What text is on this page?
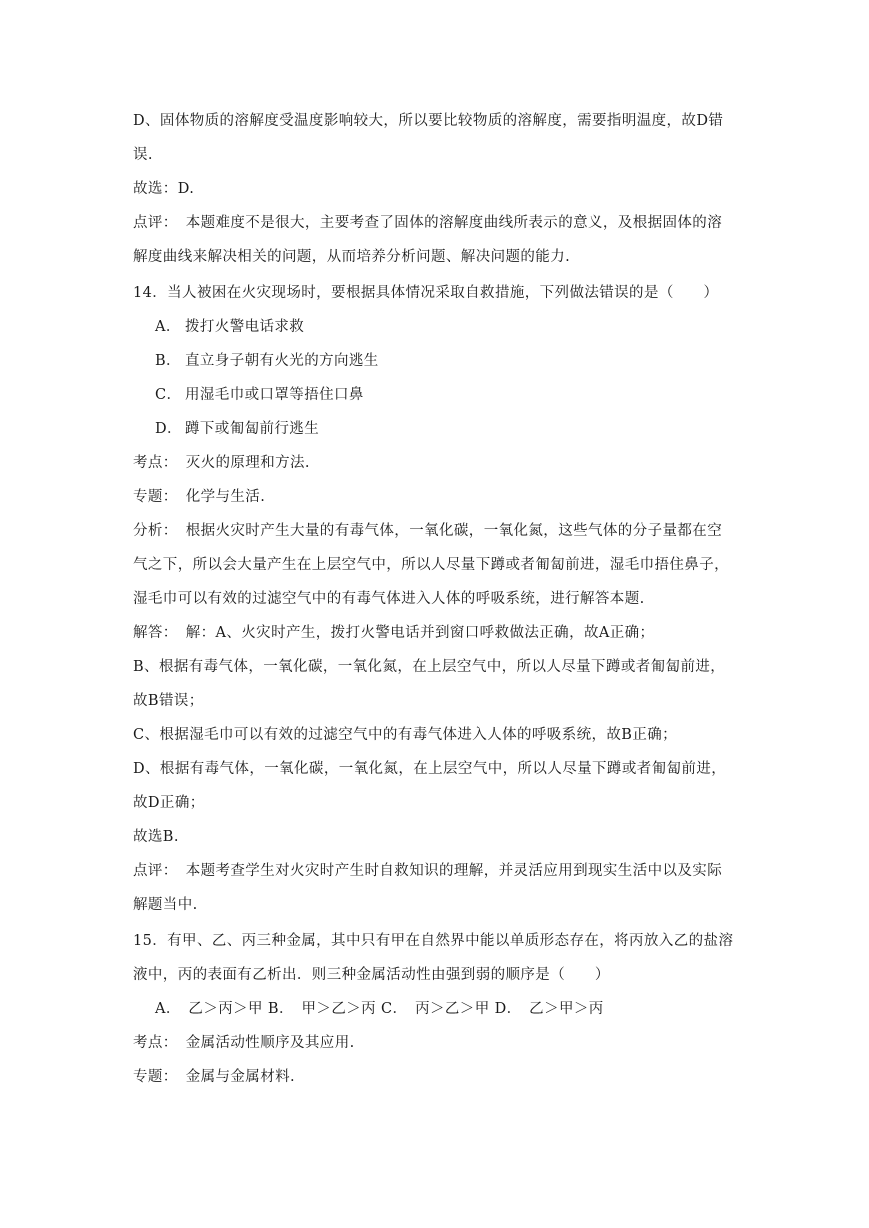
D、固体物质的溶解度受温度影响较大，所以要比较物质的溶解度，需要指明温度，故D错
误.
故选：D.
点评： 本题难度不是很大，主要考查了固体的溶解度曲线所表示的意义，及根据固体的溶
解度曲线来解决相关的问题，从而培养分析问题、解决问题的能力.
14．当人被困在火灾现场时，要根据具体情况采取自救措施，下列做法错误的是（　　）
A． 拨打火警电话求救
B． 直立身子朝有火光的方向逃生
C． 用湿毛巾或口罩等捂住口鼻
D． 蹲下或匍匐前行逃生
考点： 灭火的原理和方法.
专题： 化学与生活.
分析： 根据火灾时产生大量的有毒气体，一氧化碳，一氧化氮，这些气体的分子量都在空
气之下，所以会大量产生在上层空气中，所以人尽量下蹲或者匍匐前进，湿毛巾捂住鼻子，
湿毛巾可以有效的过滤空气中的有毒气体进入人体的呼吸系统，进行解答本题.
解答： 解：A、火灾时产生，拨打火警电话并到窗口呼救做法正确，故A正确；
B、根据有毒气体，一氧化碳，一氧化氮，在上层空气中，所以人尽量下蹲或者匍匐前进，
故B错误；
C、根据湿毛巾可以有效的过滤空气中的有毒气体进入人体的呼吸系统，故B正确；
D、根据有毒气体，一氧化碳，一氧化氮，在上层空气中，所以人尽量下蹲或者匍匐前进，
故D正确；
故选B.
点评： 本题考查学生对火灾时产生时自救知识的理解，并灵活应用到现实生活中以及实际
解题当中.
15．有甲、乙、丙三种金属，其中只有甲在自然界中能以单质形态存在，将丙放入乙的盐溶
液中，丙的表面有乙析出．则三种金属活动性由强到弱的顺序是（　　）
A．　乙＞丙＞甲 B．　甲＞乙＞丙 C．　丙＞乙＞甲 D．　乙＞甲＞丙
考点： 金属活动性顺序及其应用.
专题： 金属与金属材料.
